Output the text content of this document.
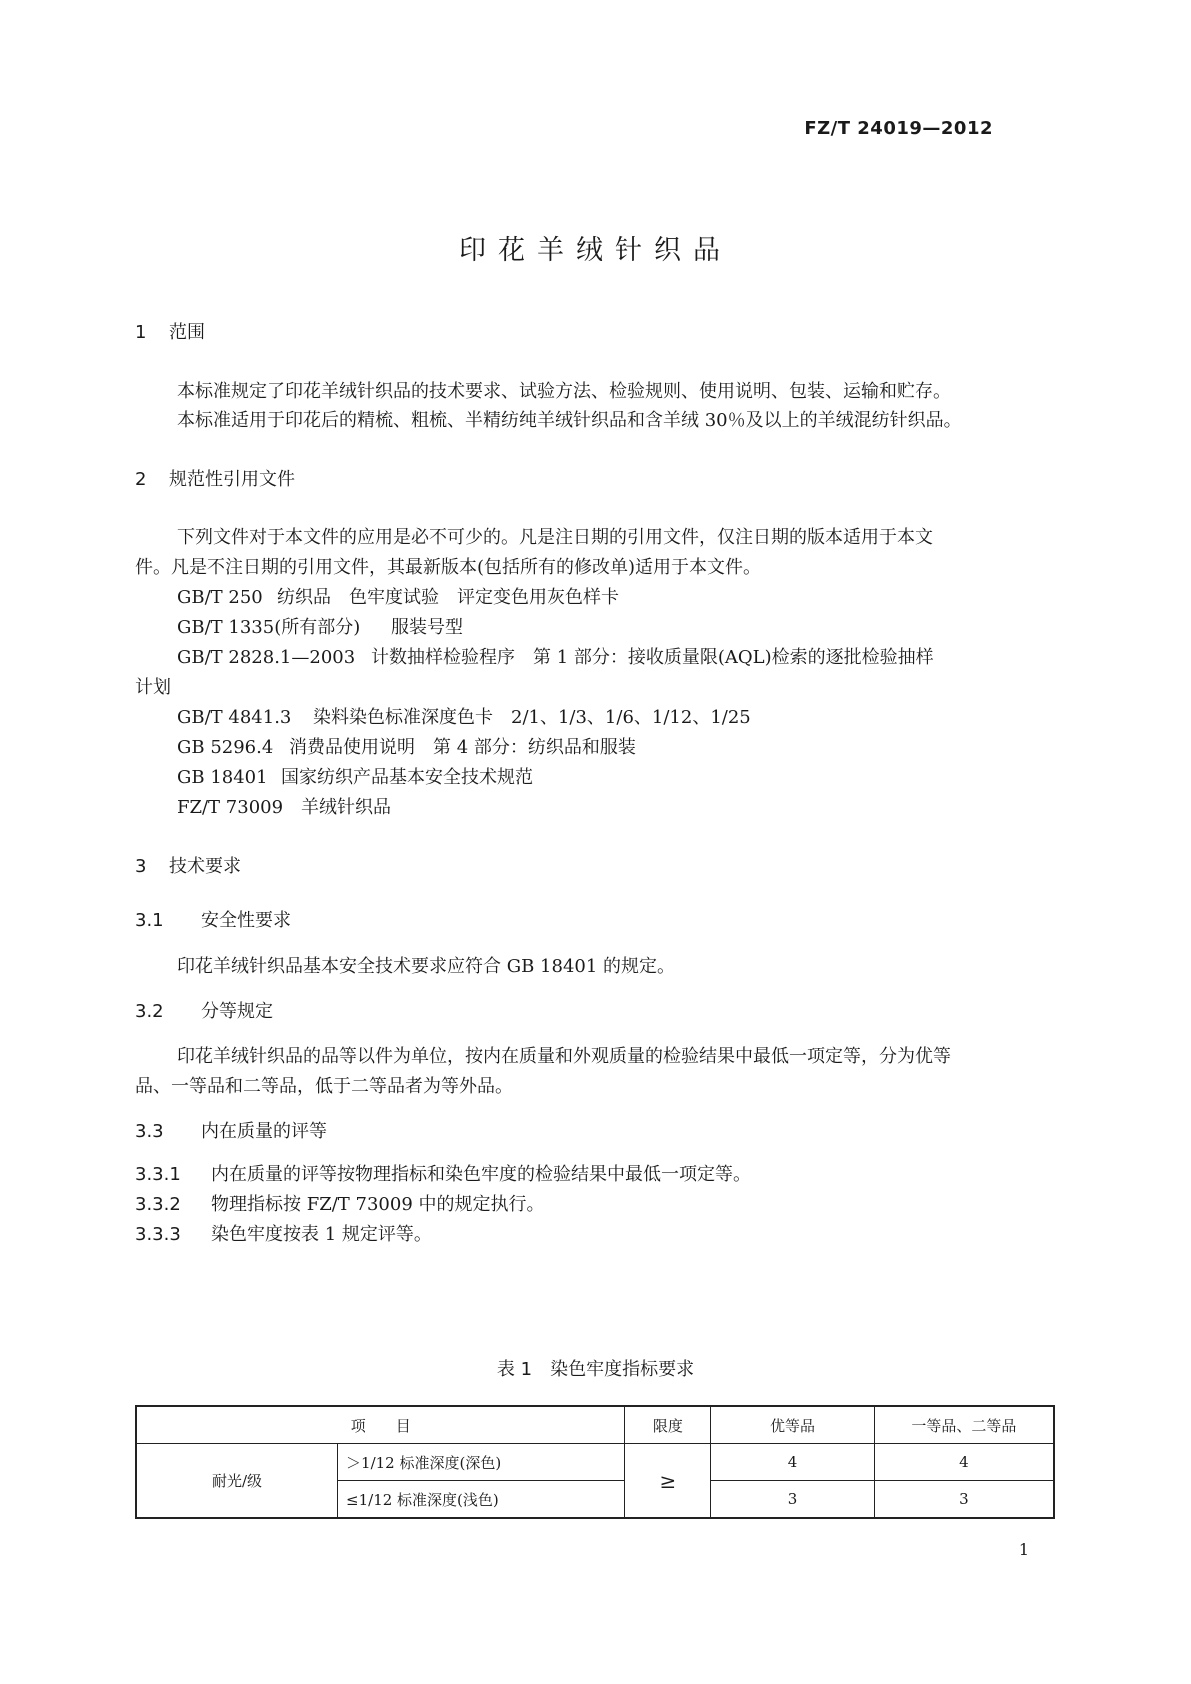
FZ/T 24019—2012
印花羊绒针织品
1 范围
本标准规定了印花羊绒针织品的技术要求、试验方法、检验规则、使用说明、包装、运输和贮存。
本标准适用于印花后的精梳、粗梳、半精纺纯羊绒针织品和含羊绒 30％及以上的羊绒混纺针织品。
2 规范性引用文件
下列文件对于本文件的应用是必不可少的。凡是注日期的引用文件，仅注日期的版本适用于本文
件。凡是不注日期的引用文件，其最新版本(包括所有的修改单)适用于本文件。
GB/T 250 纺织品　色牢度试验　评定变色用灰色样卡
GB/T 1335(所有部分) 服装号型
GB/T 2828.1—2003 计数抽样检验程序　第 1 部分：接收质量限(AQL)检索的逐批检验抽样
计划
GB/T 4841.3 染料染色标准深度色卡　2/1、1/3、1/6、1/12、1/25
GB 5296.4 消费品使用说明　第 4 部分：纺织品和服装
GB 18401 国家纺织产品基本安全技术规范
FZ/T 73009 羊绒针织品
3 技术要求
3.1 安全性要求
印花羊绒针织品基本安全技术要求应符合 GB 18401 的规定。
3.2 分等规定
印花羊绒针织品的品等以件为单位，按内在质量和外观质量的检验结果中最低一项定等，分为优等
品、一等品和二等品，低于二等品者为等外品。
3.3 内在质量的评等
3.3.1 内在质量的评等按物理指标和染色牢度的检验结果中最低一项定等。
3.3.2 物理指标按 FZ/T 73009 中的规定执行。
3.3.3 染色牢度按表 1 规定评等。
表 1　染色牢度指标要求
项　　目		限度	优等品	一等品、二等品
耐光/级	＞1/12 标准深度(深色)	≥	4	4
	≤1/12 标准深度(浅色)		3	3
1
